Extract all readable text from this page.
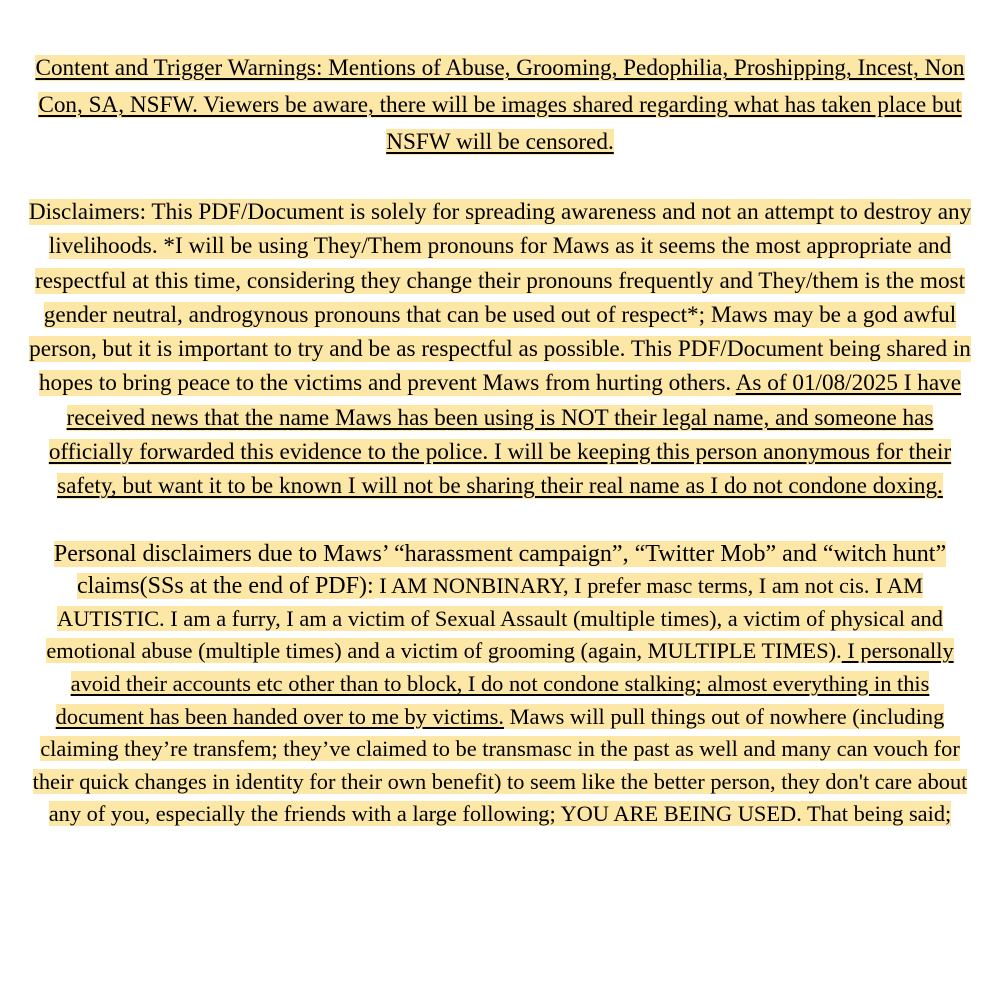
Content and Trigger Warnings: Mentions of Abuse, Grooming, Pedophilia, Proshipping, Incest, Non Con, SA, NSFW. Viewers be aware, there will be images shared regarding what has taken place but NSFW will be censored.

Disclaimers: This PDF/Document is solely for spreading awareness and not an attempt to destroy any livelihoods. *I will be using They/Them pronouns for Maws as it seems the most appropriate and respectful at this time, considering they change their pronouns frequently and They/them is the most gender neutral, androgynous pronouns that can be used out of respect*; Maws may be a god awful person, but it is important to try and be as respectful as possible. This PDF/Document being shared in hopes to bring peace to the victims and prevent Maws from hurting others. As of 01/08/2025 I have received news that the name Maws has been using is NOT their legal name, and someone has officially forwarded this evidence to the police. I will be keeping this person anonymous for their safety, but want it to be known I will not be sharing their real name as I do not condone doxing.

Personal disclaimers due to Maws’ “harassment campaign”, “Twitter Mob” and “witch hunt” claims(SSs at the end of PDF): I AM NONBINARY, I prefer masc terms, I am not cis. I AM AUTISTIC. I am a furry, I am a victim of Sexual Assault (multiple times), a victim of physical and emotional abuse (multiple times) and a victim of grooming (again, MULTIPLE TIMES). I personally avoid their accounts etc other than to block, I do not condone stalking; almost everything in this document has been handed over to me by victims. Maws will pull things out of nowhere (including claiming they’re transfem; they’ve claimed to be transmasc in the past as well and many can vouch for their quick changes in identity for their own benefit) to seem like the better person, they don't care about any of you, especially the friends with a large following; YOU ARE BEING USED. That being said;
